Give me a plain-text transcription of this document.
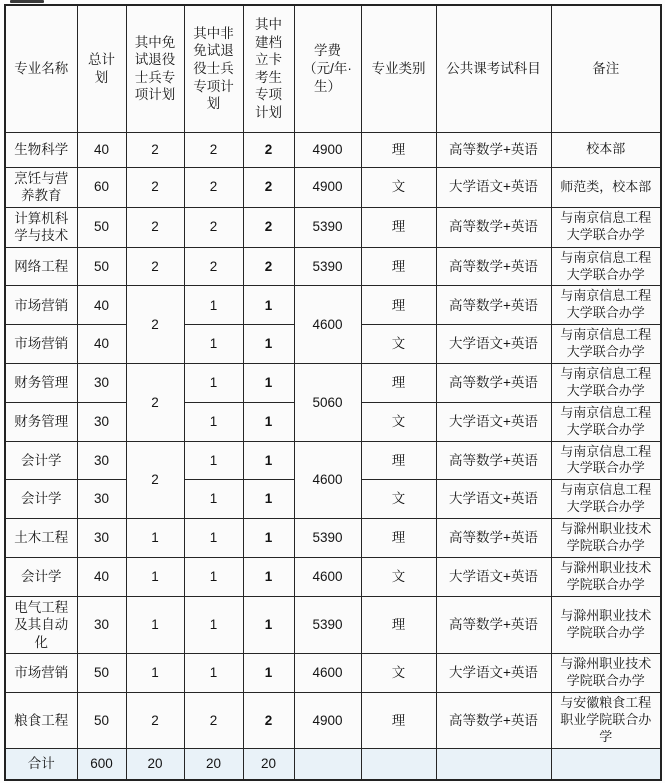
专业名称	总计划	其中免试退役士兵专项计划	其中非免试退役士兵专项计划	其中建档立卡考生专项计划	学费（元/年·生）	专业类别	公共课考试科目	备注
生物科学	40	2	2	2	4900	理	高等数学+英语	校本部
烹饪与营养教育	60	2	2	2	4900	文	大学语文+英语	师范类，校本部
计算机科学与技术	50	2	2	2	5390	理	高等数学+英语	与南京信息工程大学联合办学
网络工程	50	2	2	2	5390	理	高等数学+英语	与南京信息工程大学联合办学
市场营销	40	2	1	1	4600	理	高等数学+英语	与南京信息工程大学联合办学
市场营销	40		1	1		文	大学语文+英语	与南京信息工程大学联合办学
财务管理	30	2	1	1	5060	理	高等数学+英语	与南京信息工程大学联合办学
财务管理	30		1	1		文	大学语文+英语	与南京信息工程大学联合办学
会计学	30	2	1	1	4600	理	高等数学+英语	与南京信息工程大学联合办学
会计学	30		1	1		文	大学语文+英语	与南京信息工程大学联合办学
土木工程	30	1	1	1	5390	理	高等数学+英语	与滁州职业技术学院联合办学
会计学	40	1	1	1	4600	文	大学语文+英语	与滁州职业技术学院联合办学
电气工程及其自动化	30	1	1	1	5390	理	高等数学+英语	与滁州职业技术学院联合办学
市场营销	50	1	1	1	4600	文	大学语文+英语	与滁州职业技术学院联合办学
粮食工程	50	2	2	2	4900	理	高等数学+英语	与安徽粮食工程职业学院联合办学
合计	600	20	20	20				
